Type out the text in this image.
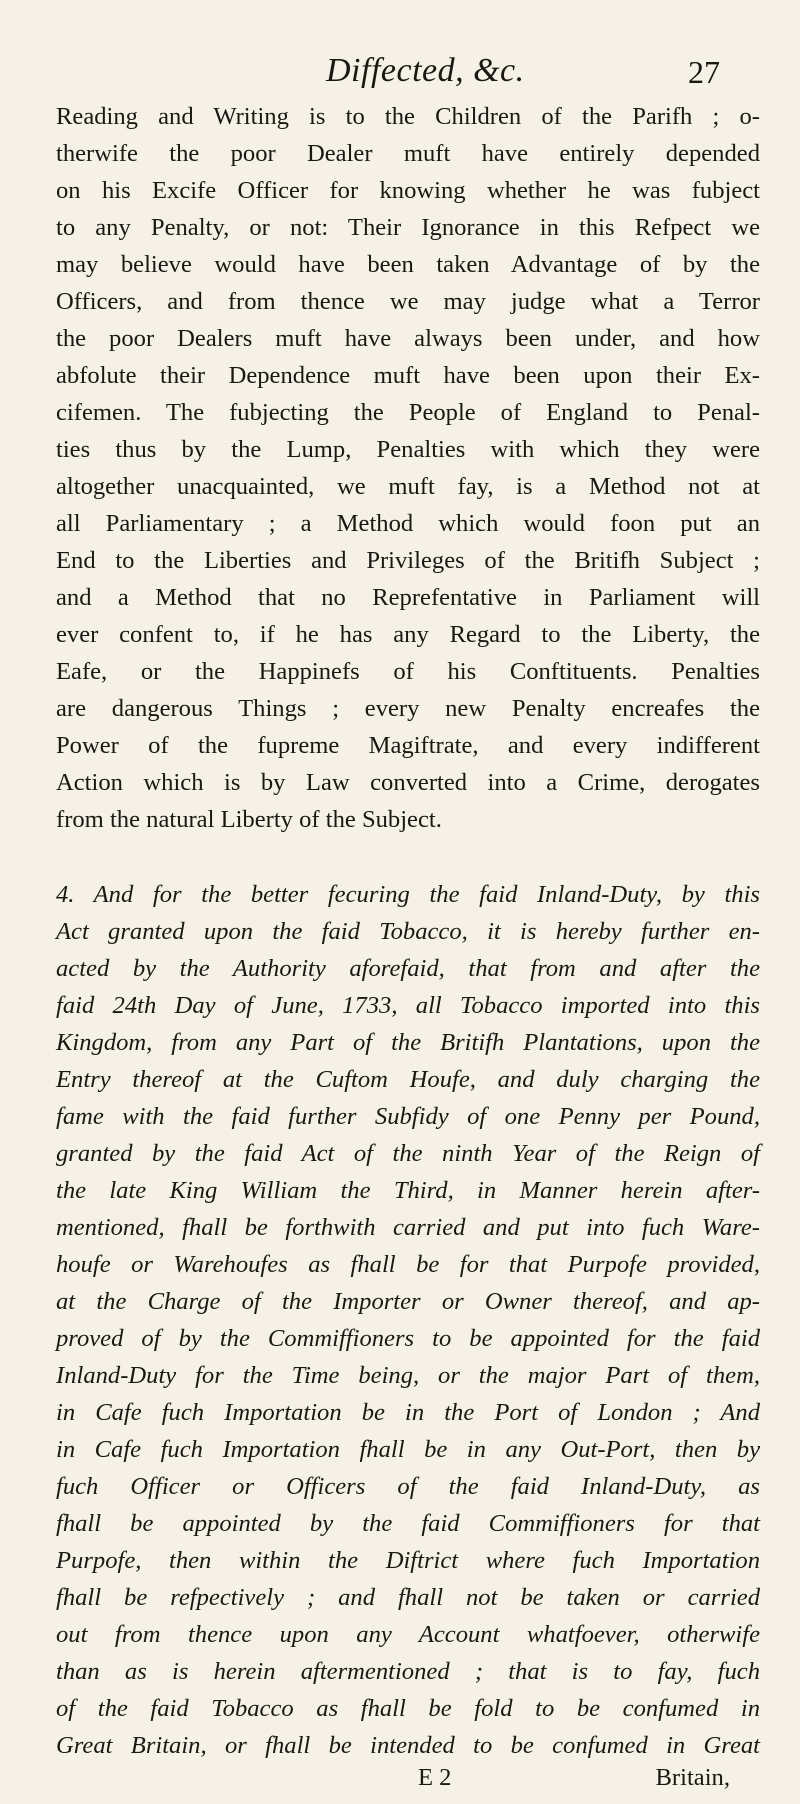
Diffected, &c.	27
Reading and Writing is to the Children of the Parifh ; o-
therwife the poor Dealer muft have entirely depended
on his Excife Officer for knowing whether he was fubject
to any Penalty, or not: Their Ignorance in this Refpect we
may believe would have been taken Advantage of by the
Officers, and from thence we may judge what a Terror
the poor Dealers muft have always been under, and how
abfolute their Dependence muft have been upon their Ex-
cifemen. The fubjecting the People of England to Penal-
ties thus by the Lump, Penalties with which they were
altogether unacquainted, we muft fay, is a Method not at
all Parliamentary ; a Method which would foon put an
End to the Liberties and Privileges of the Britifh Subject ;
and a Method that no Reprefentative in Parliament will
ever confent to, if he has any Regard to the Liberty, the
Eafe, or the Happinefs of his Conftituents. Penalties
are dangerous Things ; every new Penalty encreafes the
Power of the fupreme Magiftrate, and every indifferent
Action which is by Law converted into a Crime, derogates
from the natural Liberty of the Subject.
4. And for the better fecuring the faid Inland-Duty, by this
Act granted upon the faid Tobacco, it is hereby further en-
acted by the Authority aforefaid, that from and after the
faid 24th Day of June, 1733, all Tobacco imported into this
Kingdom, from any Part of the Britifh Plantations, upon the
Entry thereof at the Cuftom Houfe, and duly charging the
fame with the faid further Subfidy of one Penny per Pound,
granted by the faid Act of the ninth Year of the Reign of
the late King William the Third, in Manner herein after-
mentioned, fhall be forthwith carried and put into fuch Ware-
houfe or Warehoufes as fhall be for that Purpofe provided,
at the Charge of the Importer or Owner thereof, and ap-
proved of by the Commiffioners to be appointed for the faid
Inland-Duty for the Time being, or the major Part of them,
in Cafe fuch Importation be in the Port of London ; And
in Cafe fuch Importation fhall be in any Out-Port, then by
fuch Officer or Officers of the faid Inland-Duty, as
fhall be appointed by the faid Commiffioners for that
Purpofe, then within the Diftrict where fuch Importation
fhall be refpectively ; and fhall not be taken or carried
out from thence upon any Account whatfoever, otherwife
than as is herein aftermentioned ; that is to fay, fuch
of the faid Tobacco as fhall be fold to be confumed in
Great Britain, or fhall be intended to be confumed in Great
E 2	Britain,
